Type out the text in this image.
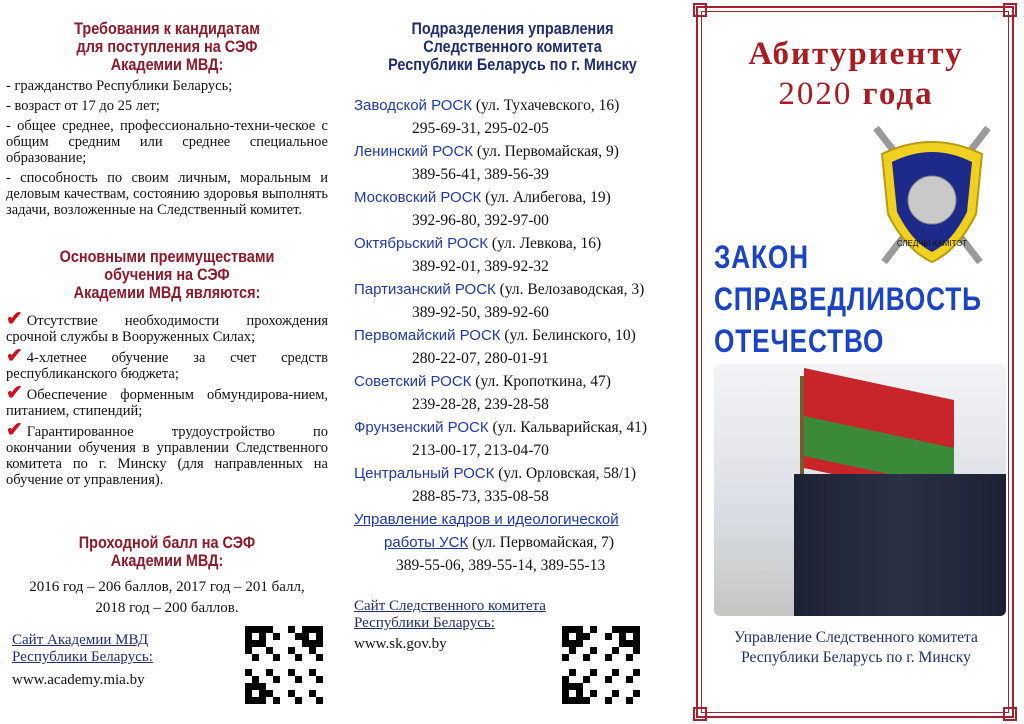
Требования к кандидатам
для поступления на СЭФ
Академии МВД:
- гражданство Республики Беларусь;
- возраст от 17 до 25 лет;
- общее среднее, профессионально-техни-ческое с общим средним или среднее специальное образование;
- способность по своим личным, моральным и деловым качествам, состоянию здоровья выполнять задачи, возложенные на Следственный комитет.
Основными преимуществами
обучения на СЭФ
Академии МВД являются:
✔ Отсутствие необходимости прохождения срочной службы в Вооруженных Силах;
✔ 4-хлетнее обучение за счет средств республиканского бюджета;
✔ Обеспечение форменным обмундирова-нием, питанием, стипендий;
✔ Гарантированное трудоустройство по окончании обучения в управлении Следственного комитета по г. Минску (для направленных на обучение от управления).
Проходной балл на СЭФ
Академии МВД:
2016 год – 206 баллов, 2017 год – 201 балл,
2018 год – 200 баллов.
Сайт Академии МВД
Республики Беларусь:
www.academy.mia.by
Подразделения управления
Следственного комитета
Республики Беларусь по г. Минску
Заводской РОСК (ул. Тухачевского, 16)
295-69-31, 295-02-05
Ленинский РОСК (ул. Первомайская, 9)
389-56-41, 389-56-39
Московский РОСК (ул. Алибегова, 19)
392-96-80, 392-97-00
Октябрьский РОСК (ул. Левкова, 16)
389-92-01, 389-92-32
Партизанский РОСК (ул. Велозаводская, 3)
389-92-50, 389-92-60
Первомайский РОСК (ул. Белинского, 10)
280-22-07, 280-01-91
Советский РОСК (ул. Кропоткина, 47)
239-28-28, 239-28-58
Фрунзенский РОСК (ул. Кальварийская, 41)
213-00-17, 213-04-70
Центральный РОСК (ул. Орловская, 58/1)
288-85-73, 335-08-58
Управление кадров и идеологической
работы УСК (ул. Первомайская, 7)
389-55-06, 389-55-14, 389-55-13
Сайт Следственного комитета
Республики Беларусь:
www.sk.gov.by
Абитуриенту
2020 года
СЛЕДЧЫ КАМІТЭТ
ЗАКОН
СПРАВЕДЛИВОСТЬ
ОТЕЧЕСТВО
Управление Следственного комитета
Республики Беларусь по г. Минску
